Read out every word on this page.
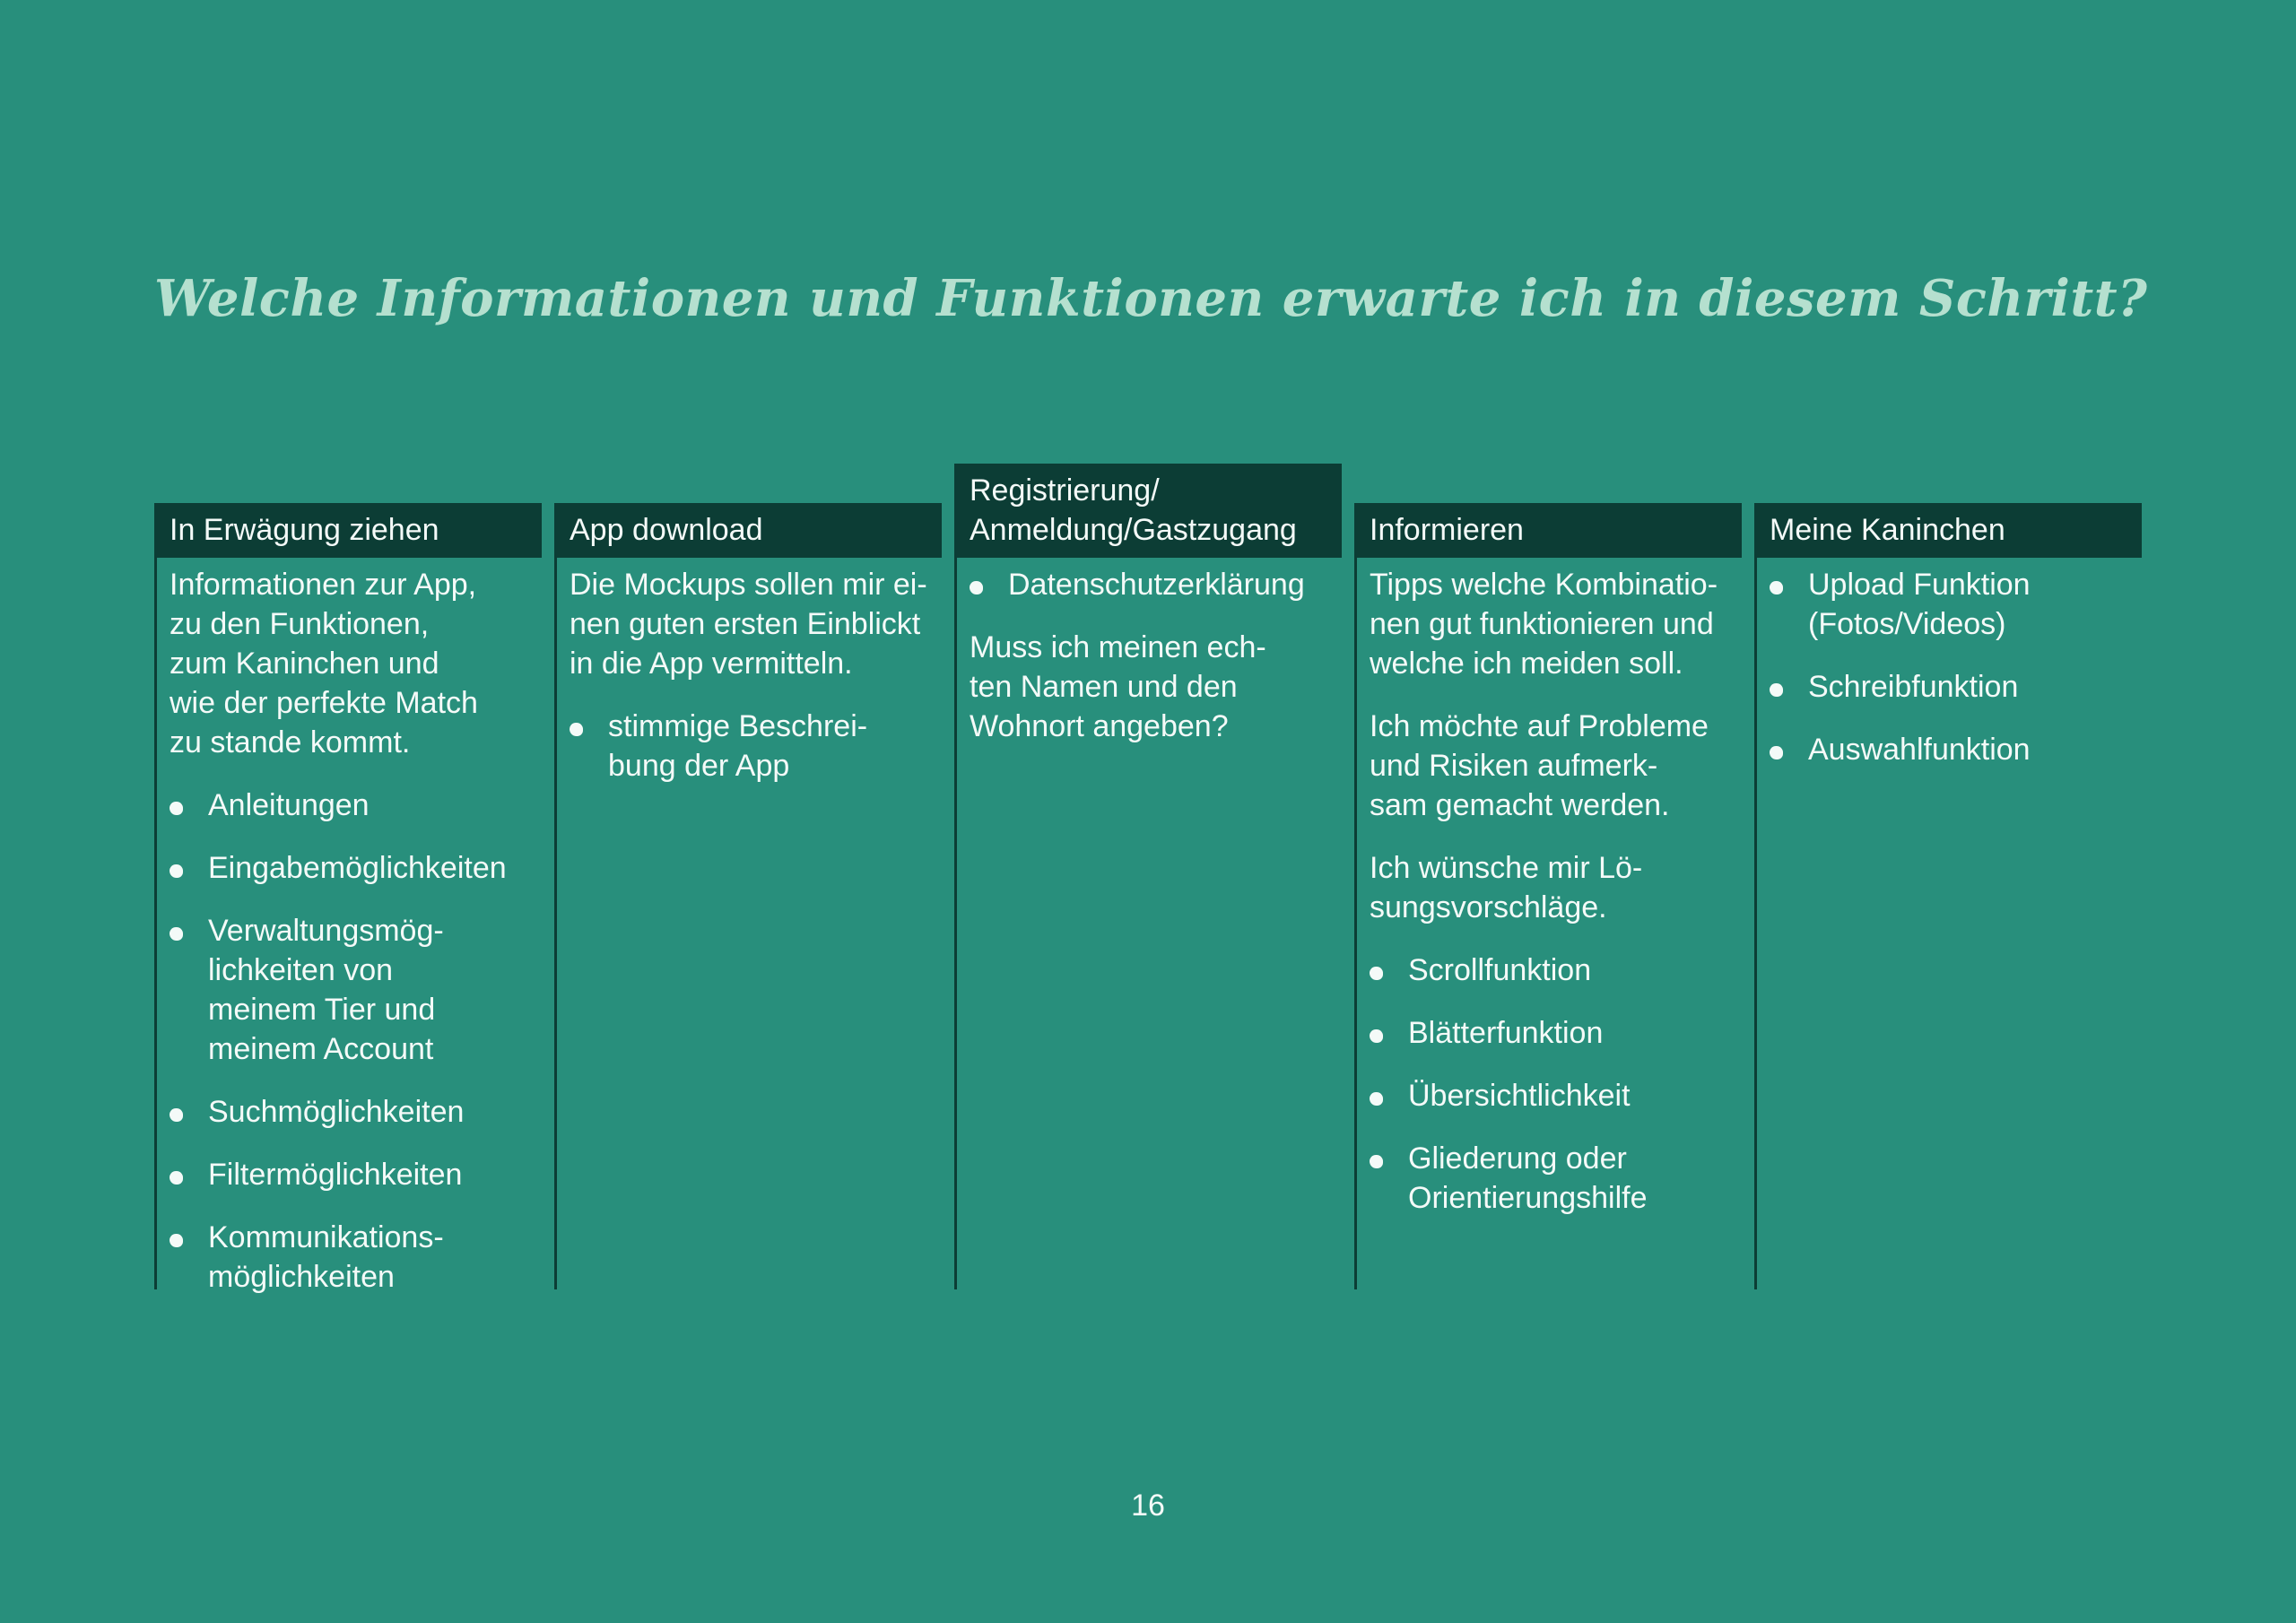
Welche Informationen und Funktionen erwarte ich in diesem Schritt?
In Erwägung ziehen

Informationen zur App,
zu den Funktionen,
zum Kaninchen und
wie der perfekte Match
zu stande kommt.

Anleitungen
Eingabemöglichkeiten
Verwaltungsmög-
lichkeiten von
meinem Tier und
meinem Account
Suchmöglichkeiten
Filtermöglichkeiten
Kommunikations-
möglichkeiten
App download

Die Mockups sollen mir ei-
nen guten ersten Einblickt
in die App vermitteln.

stimmige Beschrei-
bung der App
Registrierung/
Anmeldung/Gastzugang
Datenschutzerklärung

Muss ich meinen ech-
ten Namen und den
Wohnort angeben?

Informieren

Tipps welche Kombinatio-
nen gut funktionieren und
welche ich meiden soll.

Ich möchte auf Probleme
und Risiken aufmerk-
sam gemacht werden.

Ich wünsche mir Lö-
sungsvorschläge.

Scrollfunktion
Blätterfunktion
Übersichtlichkeit
Gliederung oder
Orientierungshilfe
Meine Kaninchen
Upload Funktion
(Fotos/Videos)
Schreibfunktion
Auswahlfunktion
16
